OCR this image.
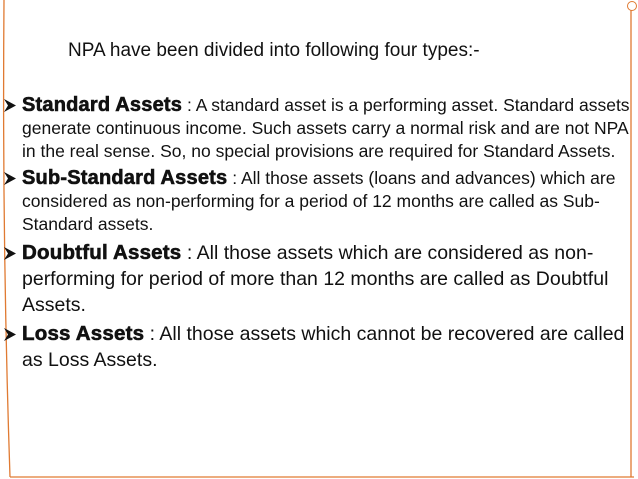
NPA have been divided into following four types:-
Standard Assets : A standard asset is a performing asset. Standard assets generate continuous income. Such assets carry a normal risk and are not NPA in the real sense. So, no special provisions are required for Standard Assets.
Sub-Standard Assets : All those assets (loans and advances) which are considered as non-performing for a period of 12 months are called as Sub-Standard assets.
Doubtful Assets : All those assets which are considered as non-performing for period of more than 12 months are called as Doubtful Assets.
Loss Assets : All those assets which cannot be recovered are called as Loss Assets.
